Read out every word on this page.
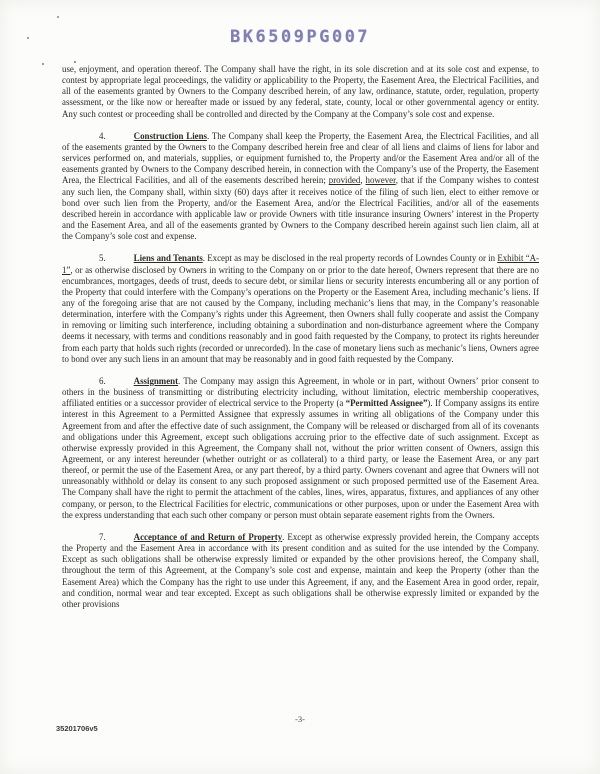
BK6509PG007

use, enjoyment, and operation thereof. The Company shall have the right, in its sole discretion and at its sole cost and expense, to contest by appropriate legal proceedings, the validity or applicability to the Property, the Easement Area, the Electrical Facilities, and all of the easements granted by Owners to the Company described herein, of any law, ordinance, statute, order, regulation, property assessment, or the like now or hereafter made or issued by any federal, state, county, local or other governmental agency or entity. Any such contest or proceeding shall be controlled and directed by the Company at the Company’s sole cost and expense.

4.	Construction Liens. The Company shall keep the Property, the Easement Area, the Electrical Facilities, and all of the easements granted by the Owners to the Company described herein free and clear of all liens and claims of liens for labor and services performed on, and materials, supplies, or equipment furnished to, the Property and/or the Easement Area and/or all of the easements granted by Owners to the Company described herein, in connection with the Company’s use of the Property, the Easement Area, the Electrical Facilities, and all of the easements described herein; provided, however, that if the Company wishes to contest any such lien, the Company shall, within sixty (60) days after it receives notice of the filing of such lien, elect to either remove or bond over such lien from the Property, and/or the Easement Area, and/or the Electrical Facilities, and/or all of the easements described herein in accordance with applicable law or provide Owners with title insurance insuring Owners’ interest in the Property and the Easement Area, and all of the easements granted by Owners to the Company described herein against such lien claim, all at the Company’s sole cost and expense.

5.	Liens and Tenants. Except as may be disclosed in the real property records of Lowndes County or in Exhibit “A-1”, or as otherwise disclosed by Owners in writing to the Company on or prior to the date hereof, Owners represent that there are no encumbrances, mortgages, deeds of trust, deeds to secure debt, or similar liens or security interests encumbering all or any portion of the Property that could interfere with the Company’s operations on the Property or the Easement Area, including mechanic’s liens. If any of the foregoing arise that are not caused by the Company, including mechanic’s liens that may, in the Company’s reasonable determination, interfere with the Company’s rights under this Agreement, then Owners shall fully cooperate and assist the Company in removing or limiting such interference, including obtaining a subordination and non-disturbance agreement where the Company deems it necessary, with terms and conditions reasonably and in good faith requested by the Company, to protect its rights hereunder from each party that holds such rights (recorded or unrecorded). In the case of monetary liens such as mechanic’s liens, Owners agree to bond over any such liens in an amount that may be reasonably and in good faith requested by the Company.

6.	Assignment. The Company may assign this Agreement, in whole or in part, without Owners’ prior consent to others in the business of transmitting or distributing electricity including, without limitation, electric membership cooperatives, affiliated entities or a successor provider of electrical service to the Property (a “Permitted Assignee”). If Company assigns its entire interest in this Agreement to a Permitted Assignee that expressly assumes in writing all obligations of the Company under this Agreement from and after the effective date of such assignment, the Company will be released or discharged from all of its covenants and obligations under this Agreement, except such obligations accruing prior to the effective date of such assignment. Except as otherwise expressly provided in this Agreement, the Company shall not, without the prior written consent of Owners, assign this Agreement, or any interest hereunder (whether outright or as collateral) to a third party, or lease the Easement Area, or any part thereof, or permit the use of the Easement Area, or any part thereof, by a third party. Owners covenant and agree that Owners will not unreasonably withhold or delay its consent to any such proposed assignment or such proposed permitted use of the Easement Area. The Company shall have the right to permit the attachment of the cables, lines, wires, apparatus, fixtures, and appliances of any other company, or person, to the Electrical Facilities for electric, communications or other purposes, upon or under the Easement Area with the express understanding that each such other company or person must obtain separate easement rights from the Owners.

7.	Acceptance of and Return of Property. Except as otherwise expressly provided herein, the Company accepts the Property and the Easement Area in accordance with its present condition and as suited for the use intended by the Company. Except as such obligations shall be otherwise expressly limited or expanded by the other provisions hereof, the Company shall, throughout the term of this Agreement, at the Company’s sole cost and expense, maintain and keep the Property (other than the Easement Area) which the Company has the right to use under this Agreement, if any, and the Easement Area in good order, repair, and condition, normal wear and tear excepted. Except as such obligations shall be otherwise expressly limited or expanded by the other provisions

-3-
35201706v5
